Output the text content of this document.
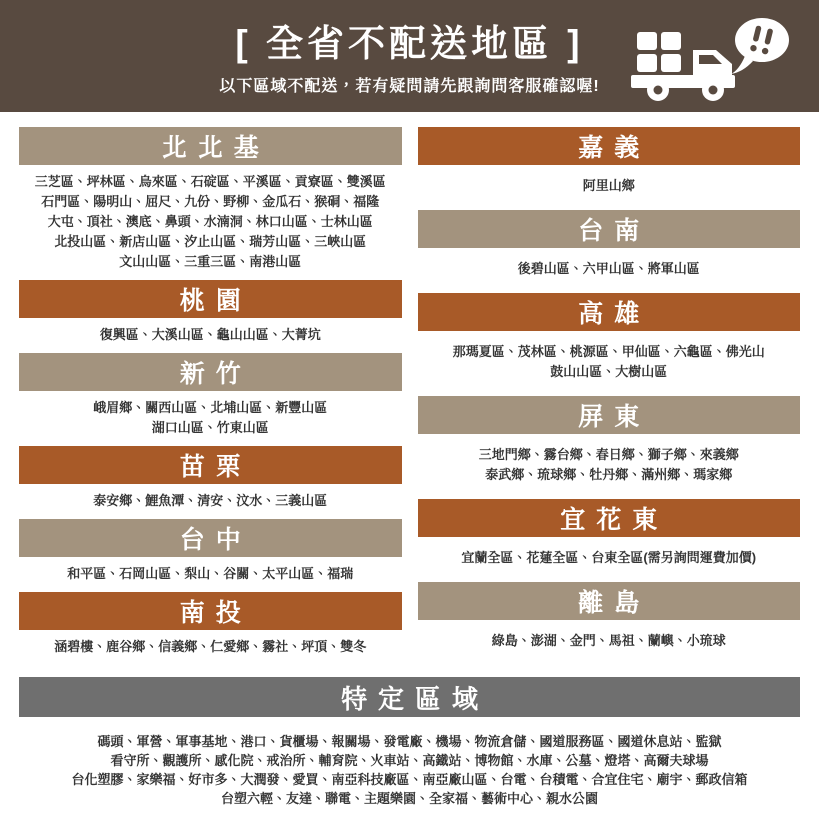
[ 全省不配送地區 ]
以下區域不配送，若有疑問請先跟詢問客服確認喔!
北北基
三芝區、坪林區、烏來區、石碇區、平溪區、貢寮區、雙溪區
石門區、陽明山、屈尺、九份、野柳、金瓜石、猴硐、福隆
大屯、頂社、澳底、鼻頭、水湳洞、林口山區、士林山區
北投山區、新店山區、汐止山區、瑞芳山區、三峽山區
文山山區、三重三區、南港山區
桃園
復興區、大溪山區、龜山山區、大菁坑
新竹
峨眉鄉、關西山區、北埔山區、新豐山區
湖口山區、竹東山區
苗栗
泰安鄉、鯉魚潭、清安、汶水、三義山區
台中
和平區、石岡山區、梨山、谷關、太平山區、福瑞
南投
涵碧樓、鹿谷鄉、信義鄉、仁愛鄉、霧社、坪頂、雙冬
嘉義
阿里山鄉
台南
後碧山區、六甲山區、將軍山區
高雄
那瑪夏區、茂林區、桃源區、甲仙區、六龜區、佛光山
鼓山山區、大樹山區
屏東
三地門鄉、霧台鄉、春日鄉、獅子鄉、來義鄉
泰武鄉、琉球鄉、牡丹鄉、滿州鄉、瑪家鄉
宜花東
宜蘭全區、花蓮全區、台東全區(需另詢問運費加價)
離島
綠島、澎湖、金門、馬祖、蘭嶼、小琉球
特定區域
碼頭、軍營、軍事基地、港口、貨櫃場、報關場、發電廠、機場、物流倉儲、國道服務區、國道休息站、監獄
看守所、觀護所、感化院、戒治所、輔育院、火車站、高鐵站、博物館、水庫、公墓、燈塔、高爾夫球場
台化塑膠、家樂福、好市多、大潤發、愛買、南亞科技廠區、南亞廠山區、台電、台積電、合宜住宅、廟宇、郵政信箱
台塑六輕、友達、聯電、主題樂園、全家福、藝術中心、親水公園
